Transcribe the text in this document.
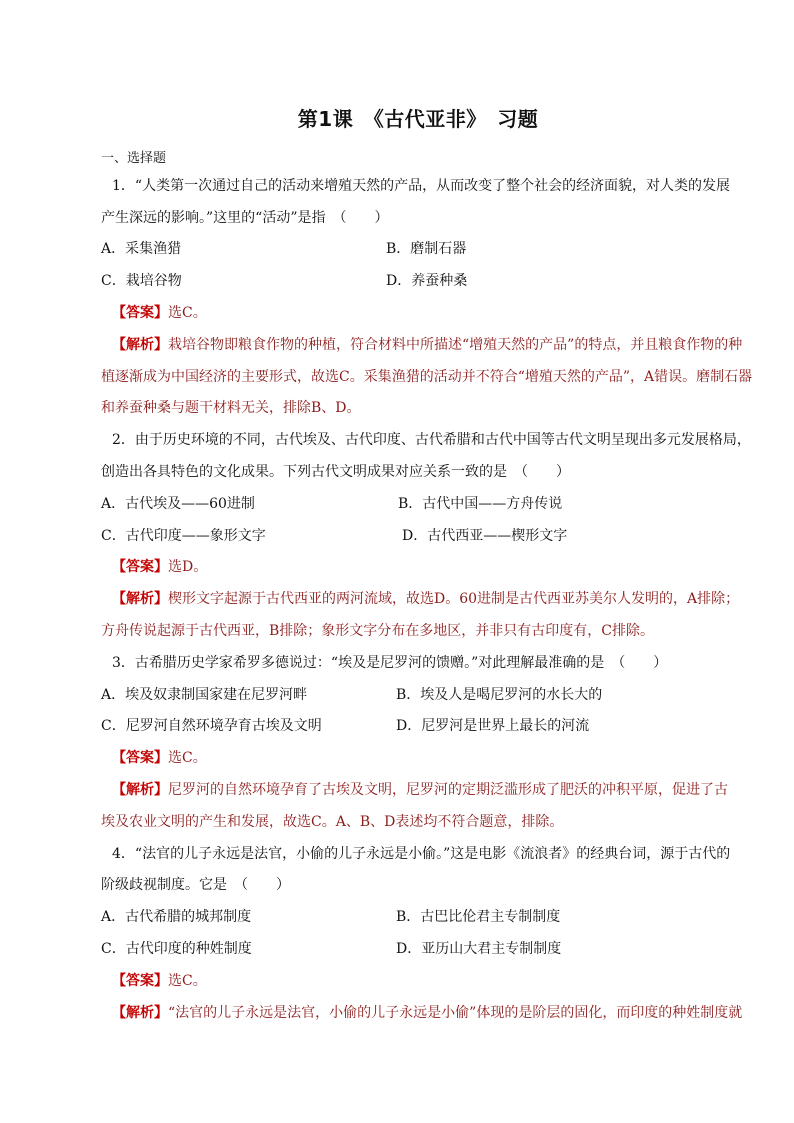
第1课　《古代亚非》　习题
一、选择题
1．“人类第一次通过自己的活动来增殖天然的产品，从而改变了整个社会的经济面貌，对人类的发展
产生深远的影响。”这里的“活动”是指　（　　）
A．采集渔猎	B．磨制石器
C．栽培谷物	D．养蚕种桑
【答案】选C。
【解析】栽培谷物即粮食作物的种植，符合材料中所描述“增殖天然的产品”的特点，并且粮食作物的种
植逐渐成为中国经济的主要形式，故选C。采集渔猎的活动并不符合“增殖天然的产品”，A错误。磨制石器
和养蚕种桑与题干材料无关，排除B、D。
2．由于历史环境的不同，古代埃及、古代印度、古代希腊和古代中国等古代文明呈现出多元发展格局，
创造出各具特色的文化成果。下列古代文明成果对应关系一致的是　（　　）
A．古代埃及——60进制	B．古代中国——方舟传说
C．古代印度——象形文字	D．古代西亚——楔形文字
【答案】选D。
【解析】楔形文字起源于古代西亚的两河流域，故选D。60进制是古代西亚苏美尔人发明的，A排除；
方舟传说起源于古代西亚，B排除；象形文字分布在多地区，并非只有古印度有，C排除。
3．古希腊历史学家希罗多德说过：“埃及是尼罗河的馈赠。”对此理解最准确的是　（　　）
A．埃及奴隶制国家建在尼罗河畔	B．埃及人是喝尼罗河的水长大的
C．尼罗河自然环境孕育古埃及文明	D．尼罗河是世界上最长的河流
【答案】选C。
【解析】尼罗河的自然环境孕育了古埃及文明，尼罗河的定期泛滥形成了肥沃的冲积平原，促进了古
埃及农业文明的产生和发展，故选C。A、B、D表述均不符合题意，排除。
4．“法官的儿子永远是法官，小偷的儿子永远是小偷。”这是电影《流浪者》的经典台词，源于古代的
阶级歧视制度。它是　（　　）
A．古代希腊的城邦制度	B．古巴比伦君主专制制度
C．古代印度的种姓制度	D．亚历山大君主专制制度
【答案】选C。
【解析】“法官的儿子永远是法官，小偷的儿子永远是小偷”体现的是阶层的固化，而印度的种姓制度就
